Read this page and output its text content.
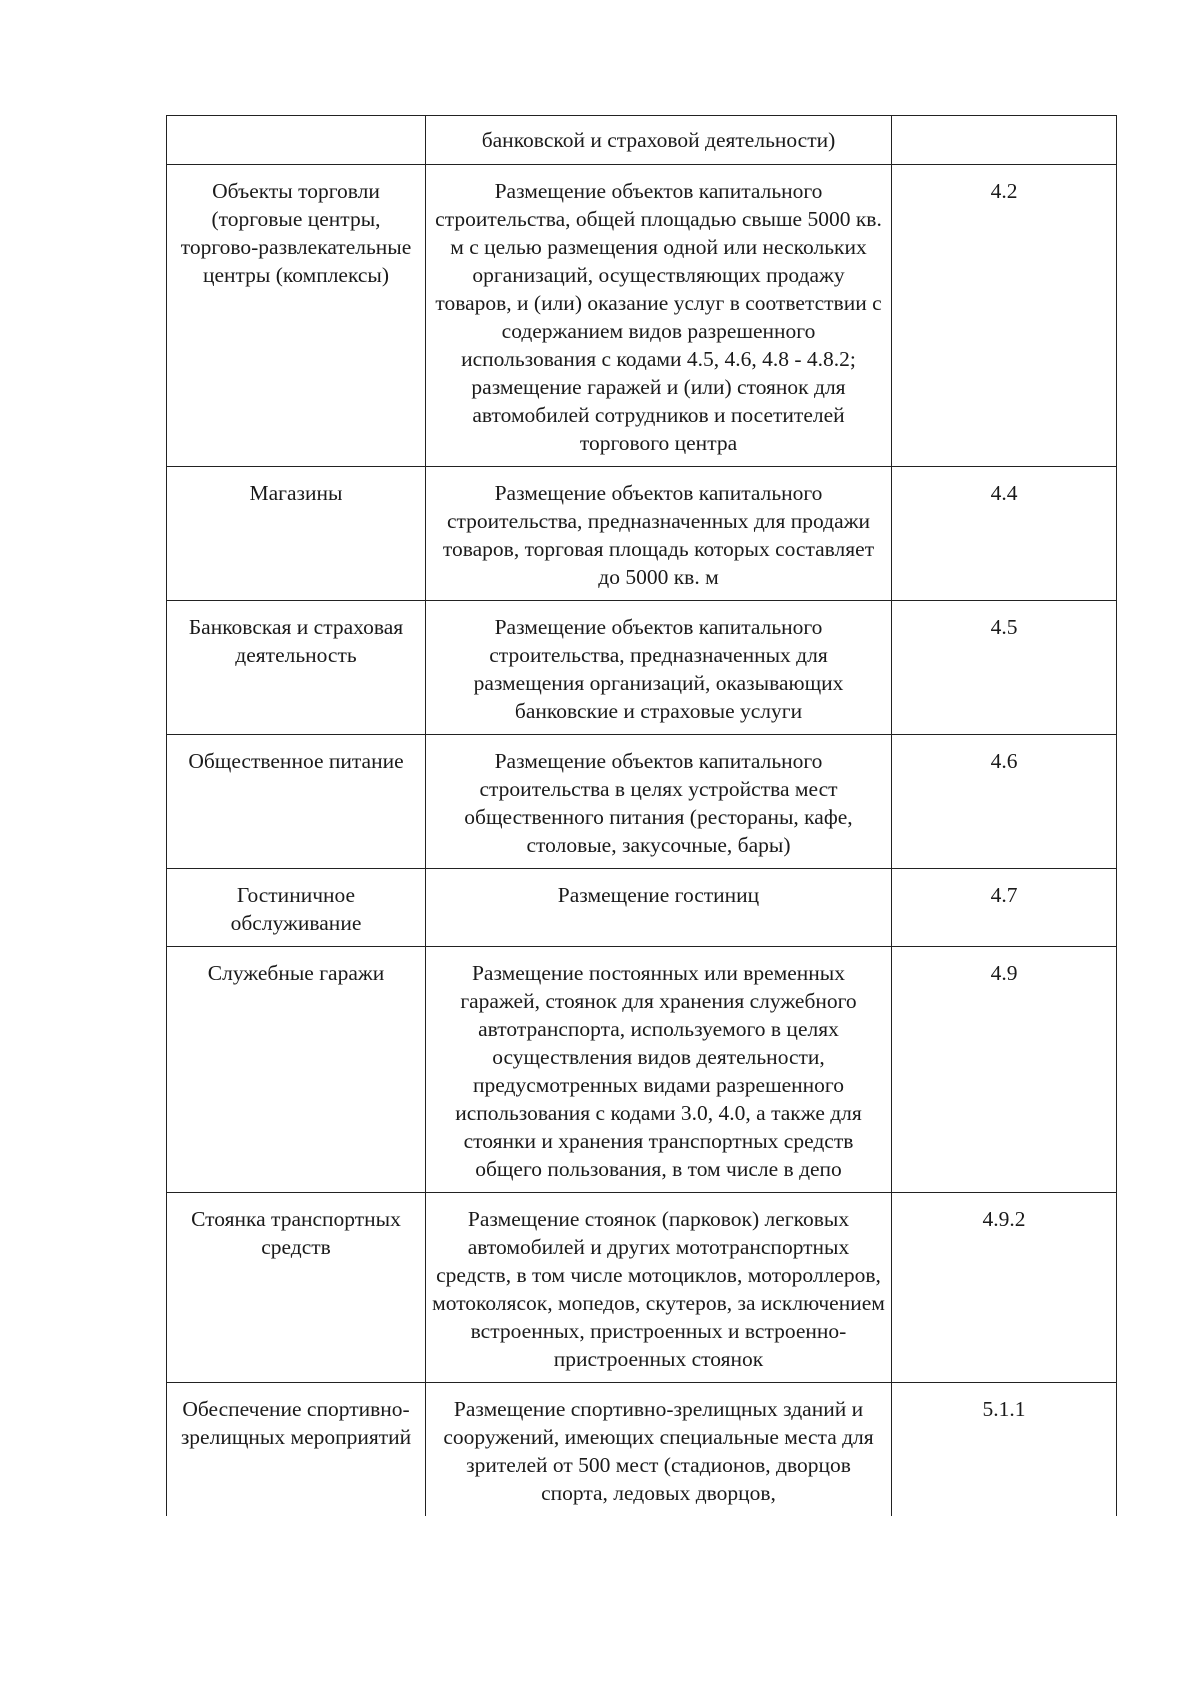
	банковской и страховой деятельности)	
Объекты торговли (торговые центры, торгово-развлекательные центры (комплексы)	Размещение объектов капитального строительства, общей площадью свыше 5000 кв. м с целью размещения одной или нескольких организаций, осуществляющих продажу товаров, и (или) оказание услуг в соответствии с содержанием видов разрешенного использования с кодами 4.5, 4.6, 4.8 - 4.8.2; размещение гаражей и (или) стоянок для автомобилей сотрудников и посетителей торгового центра	4.2
Магазины	Размещение объектов капитального строительства, предназначенных для продажи товаров, торговая площадь которых составляет до 5000 кв. м	4.4
Банковская и страховая деятельность	Размещение объектов капитального строительства, предназначенных для размещения организаций, оказывающих банковские и страховые услуги	4.5
Общественное питание	Размещение объектов капитального строительства в целях устройства мест общественного питания (рестораны, кафе, столовые, закусочные, бары)	4.6
Гостиничное обслуживание	Размещение гостиниц	4.7
Служебные гаражи	Размещение постоянных или временных гаражей, стоянок для хранения служебного автотранспорта, используемого в целях осуществления видов деятельности, предусмотренных видами разрешенного использования с кодами 3.0, 4.0, а также для стоянки и хранения транспортных средств общего пользования, в том числе в депо	4.9
Стоянка транспортных средств	Размещение стоянок (парковок) легковых автомобилей и других мототранспортных средств, в том числе мотоциклов, мотороллеров, мотоколясок, мопедов, скутеров, за исключением встроенных, пристроенных и встроенно-пристроенных стоянок	4.9.2
Обеспечение спортивно-зрелищных мероприятий	Размещение спортивно-зрелищных зданий и сооружений, имеющих специальные места для зрителей от 500 мест (стадионов, дворцов спорта, ледовых дворцов,	5.1.1
